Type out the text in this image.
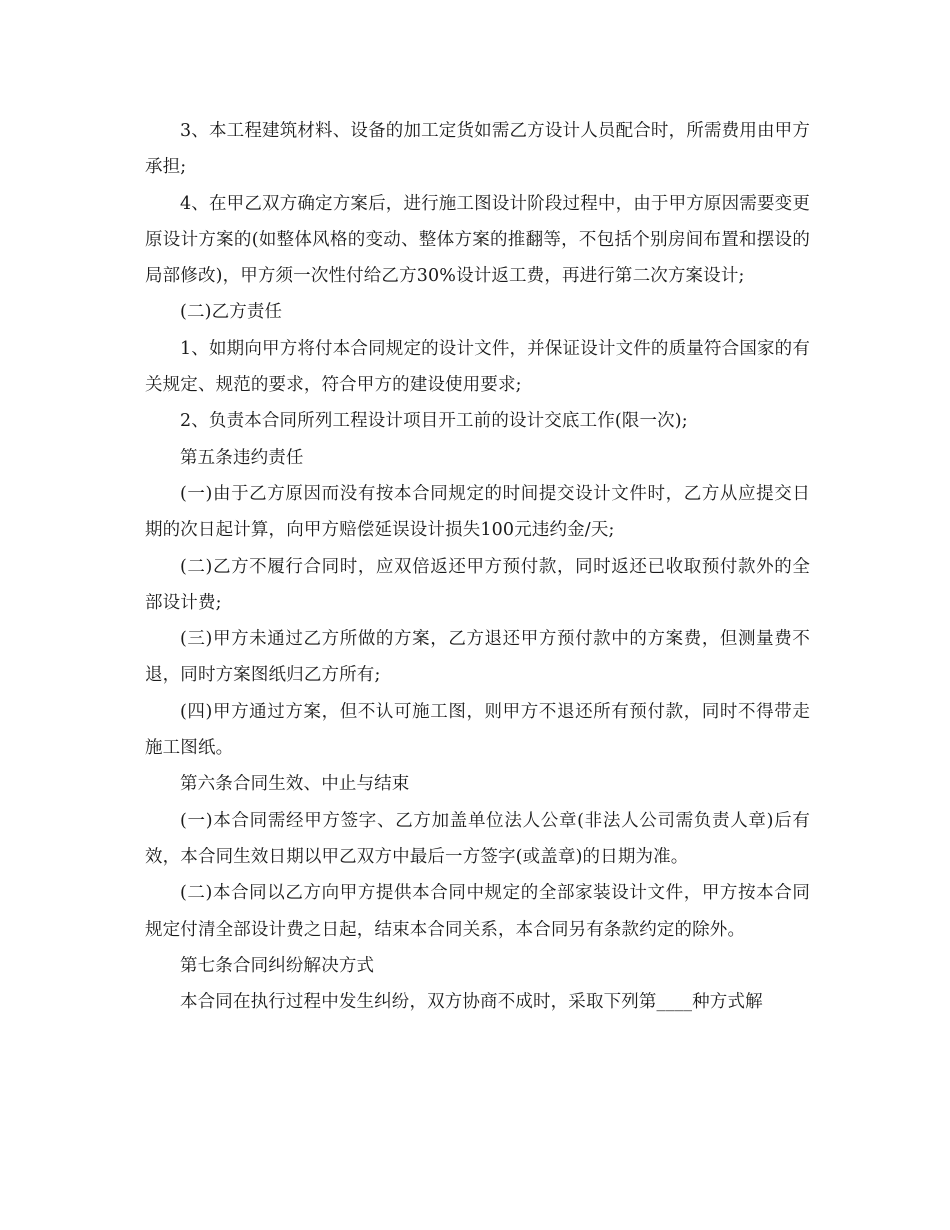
3、本工程建筑材料、设备的加工定货如需乙方设计人员配合时，所需费用由甲方承担;

4、在甲乙双方确定方案后，进行施工图设计阶段过程中，由于甲方原因需要变更原设计方案的(如整体风格的变动、整体方案的推翻等，不包括个别房间布置和摆设的局部修改)，甲方须一次性付给乙方30%设计返工费，再进行第二次方案设计;

(二)乙方责任

1、如期向甲方将付本合同规定的设计文件，并保证设计文件的质量符合国家的有关规定、规范的要求，符合甲方的建设使用要求;

2、负责本合同所列工程设计项目开工前的设计交底工作(限一次);

第五条违约责任

(一)由于乙方原因而没有按本合同规定的时间提交设计文件时，乙方从应提交日期的次日起计算，向甲方赔偿延误设计损失100元违约金/天;

(二)乙方不履行合同时，应双倍返还甲方预付款，同时返还已收取预付款外的全部设计费;

(三)甲方未通过乙方所做的方案，乙方退还甲方预付款中的方案费，但测量费不退，同时方案图纸归乙方所有;

(四)甲方通过方案，但不认可施工图，则甲方不退还所有预付款，同时不得带走施工图纸。

第六条合同生效、中止与结束

(一)本合同需经甲方签字、乙方加盖单位法人公章(非法人公司需负责人章)后有效，本合同生效日期以甲乙双方中最后一方签字(或盖章)的日期为准。

(二)本合同以乙方向甲方提供本合同中规定的全部家装设计文件，甲方按本合同规定付清全部设计费之日起，结束本合同关系，本合同另有条款约定的除外。

第七条合同纠纷解决方式

本合同在执行过程中发生纠纷，双方协商不成时，采取下列第____种方式解
